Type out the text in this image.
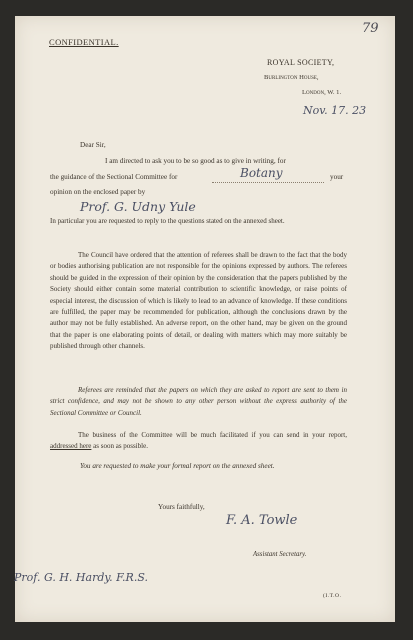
79
CONFIDENTIAL.
ROYAL SOCIETY,
Burlington House,
London, W. 1.
Nov. 17. 23
Dear Sir,
I am directed to ask you to be so good as to give in writing, for
the guidance of the Sectional Committee for	Botany	your
opinion on the enclosed paper by
Prof. G. Udny Yule
In particular you are requested to reply to the questions stated on the annexed sheet.
The Council have ordered that the attention of referees shall be drawn to the fact that the body or bodies authorising publication are not responsible for the opinions expressed by authors. The referees should be guided in the expression of their opinion by the consideration that the papers published by the Society should either contain some material contribution to scientific knowledge, or raise points of especial interest, the discussion of which is likely to lead to an advance of knowledge. If these conditions are fulfilled, the paper may be recommended for publication, although the conclusions drawn by the author may not be fully established. An adverse report, on the other hand, may be given on the ground that the paper is one elaborating points of detail, or dealing with matters which may more suitably be published through other channels.
Referees are reminded that the papers on which they are asked to report are sent to them in strict confidence, and may not be shown to any other person without the express authority of the Sectional Committee or Council.
The business of the Committee will be much facilitated if you can send in your report, addressed here as soon as possible.
You are requested to make your formal report on the annexed sheet.
Yours faithfully,
F. A. Towle
Assistant Secretary.
Prof. G. H. Hardy. F.R.S.
(I.T.O.
